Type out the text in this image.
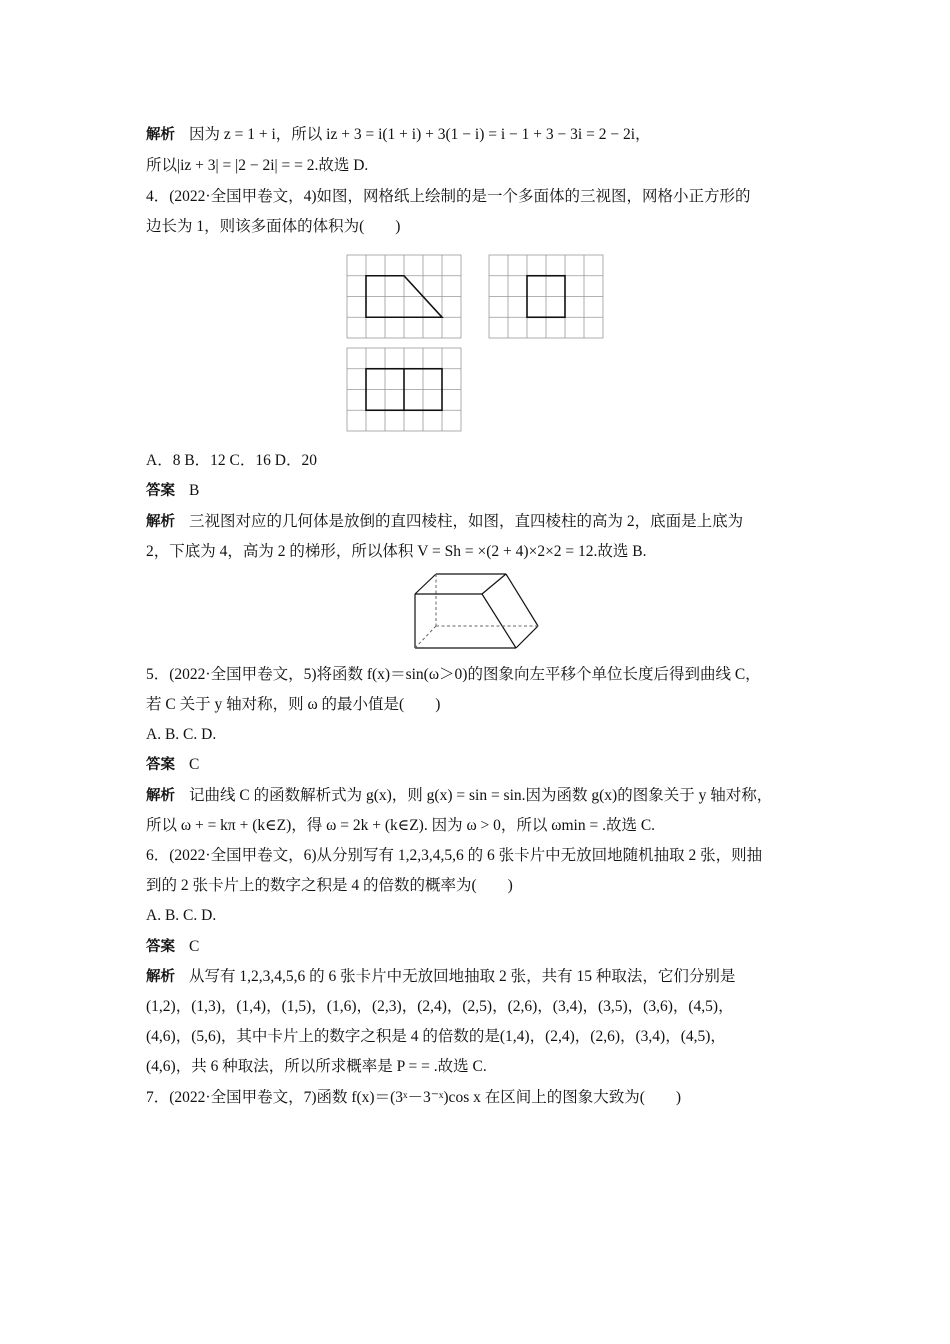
解析 因为 z = 1 + i，所以 iz + 3 = i(1 + i) + 3(1 − i) = i − 1 + 3 − 3i = 2 − 2i，
所以|iz + 3| = |2 − 2i| = = 2.故选 D.
4．(2022·全国甲卷文，4)如图，网格纸上绘制的是一个多面体的三视图，网格小正方形的
边长为 1，则该多面体的体积为(　　)
A．8 B．12 C．16 D．20
答案 B
解析 三视图对应的几何体是放倒的直四棱柱，如图，直四棱柱的高为 2，底面是上底为
2，下底为 4，高为 2 的梯形，所以体积 V = Sh = ×(2 + 4)×2×2 = 12.故选 B.
5．(2022·全国甲卷文，5)将函数 f(x)＝sin(ω＞0)的图象向左平移个单位长度后得到曲线 C，
若 C 关于 y 轴对称，则 ω 的最小值是(　　)
A. B. C. D.
答案 C
解析 记曲线 C 的函数解析式为 g(x)，则 g(x) = sin = sin.因为函数 g(x)的图象关于 y 轴对称，
所以 ω + = kπ + (k∈Z)，得 ω = 2k + (k∈Z). 因为 ω > 0，所以 ωmin = .故选 C.
6．(2022·全国甲卷文，6)从分别写有 1,2,3,4,5,6 的 6 张卡片中无放回地随机抽取 2 张，则抽
到的 2 张卡片上的数字之积是 4 的倍数的概率为(　　)
A. B. C. D.
答案 C
解析 从写有 1,2,3,4,5,6 的 6 张卡片中无放回地抽取 2 张，共有 15 种取法，它们分别是
(1,2)，(1,3)，(1,4)，(1,5)，(1,6)，(2,3)，(2,4)，(2,5)，(2,6)，(3,4)，(3,5)，(3,6)，(4,5)，
(4,6)，(5,6)，其中卡片上的数字之积是 4 的倍数的是(1,4)，(2,4)，(2,6)，(3,4)，(4,5)，
(4,6)，共 6 种取法，所以所求概率是 P = = .故选 C.
7．(2022·全国甲卷文，7)函数 f(x)＝(3ˣ－3⁻ˣ)cos x 在区间上的图象大致为(　　)
